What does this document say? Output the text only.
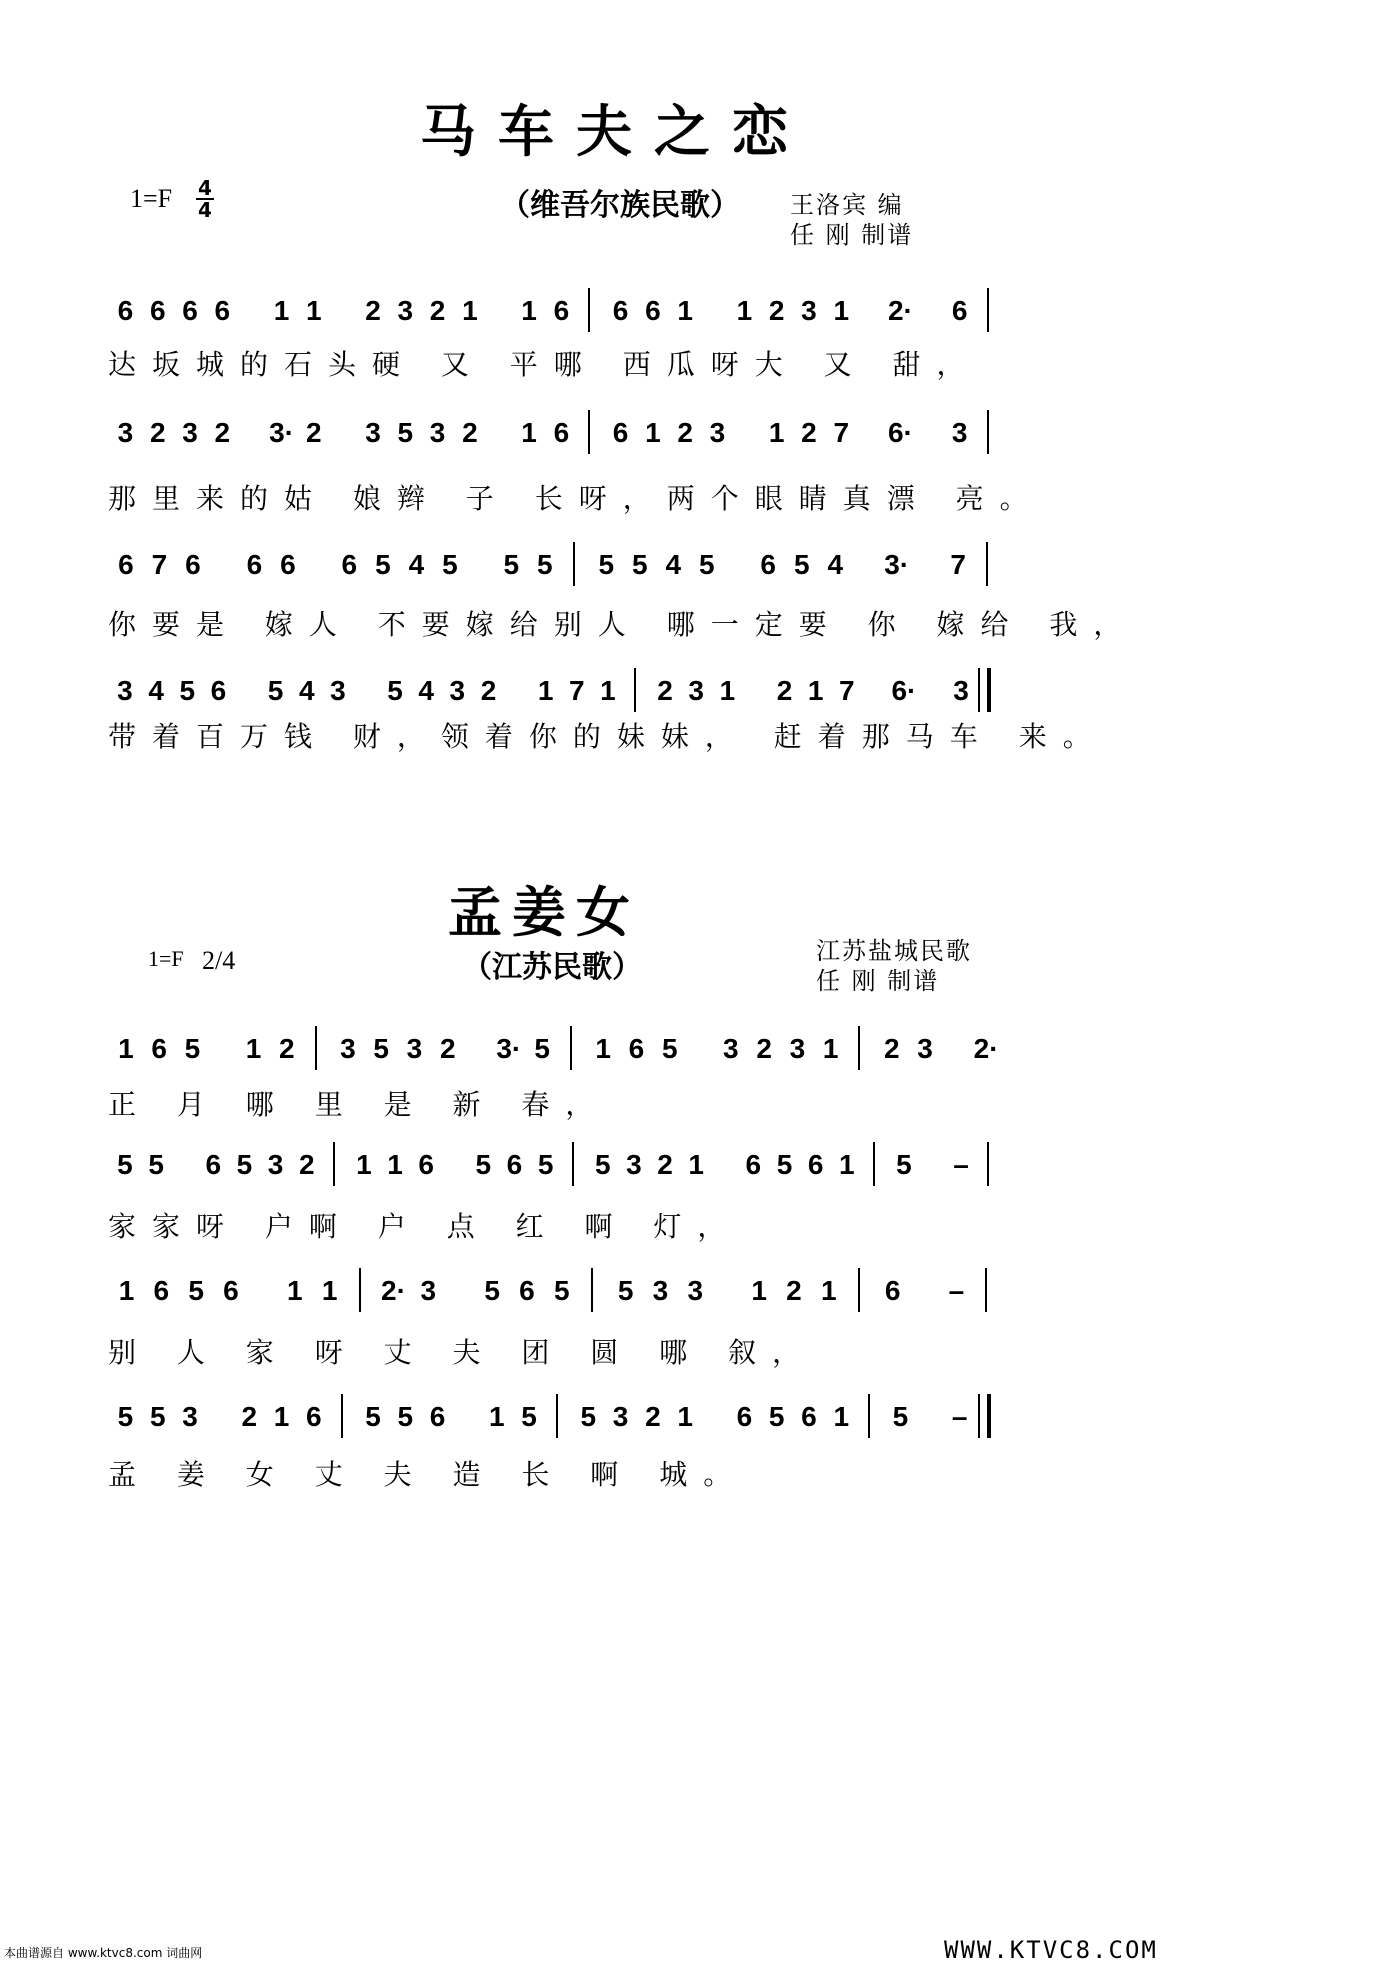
马车夫之恋
1=F 4
4	（维吾尔族民歌） 王洛宾 编
任 刚 制谱
6 6 6 6	1 1	2 3 2 1	1 6	6 6 1	1 2 3 1	2·	6
达坂城的石头硬 又 平哪 西瓜呀大 又 甜，
3 2 3 2	3· 2	3 5 3 2	1 6	6 1 2 3	1 2 7	6·	3
那里来的姑 娘辫 子 长呀，两个眼睛真漂 亮。
6 7 6	6 6	6 5 4 5	5 5	5 5 4 5	6 5 4	3·	7
你要是 嫁人 不要嫁给别人 哪一定要 你 嫁给 我，
3 4 5 6	5 4 3	5 4 3 2	1 7 1	2 3 1	2 1 7	6·	3
带着百万钱 财，领着你的妹妹， 赶着那马车 来。
孟姜女
1=F 2/4	（江苏民歌）	江苏盐城民歌
任 刚 制谱
1 6 5	1 2	3 5 3 2	3· 5	1 6 5	3 2 3 1	2 3	2·
正 月 哪 里 是 新 春，
5 5	6 5 3 2	1 1 6	5 6 5	5 3 2 1	6 5 6 1	5	–
家家呀 户啊 户 点 红 啊 灯，
1 6 5 6	1 1	2· 3	5 6 5	5 3 3	1 2 1	6	–
别 人 家 呀 丈 夫 团 圆 哪 叙，
5 5 3	2 1 6	5 5 6	1 5	5 3 2 1	6 5 6 1	5	–
孟 姜 女 丈 夫 造 长 啊 城。
本曲谱源自 www.ktvc8.com 词曲网	WWW.KTVC8.COM
